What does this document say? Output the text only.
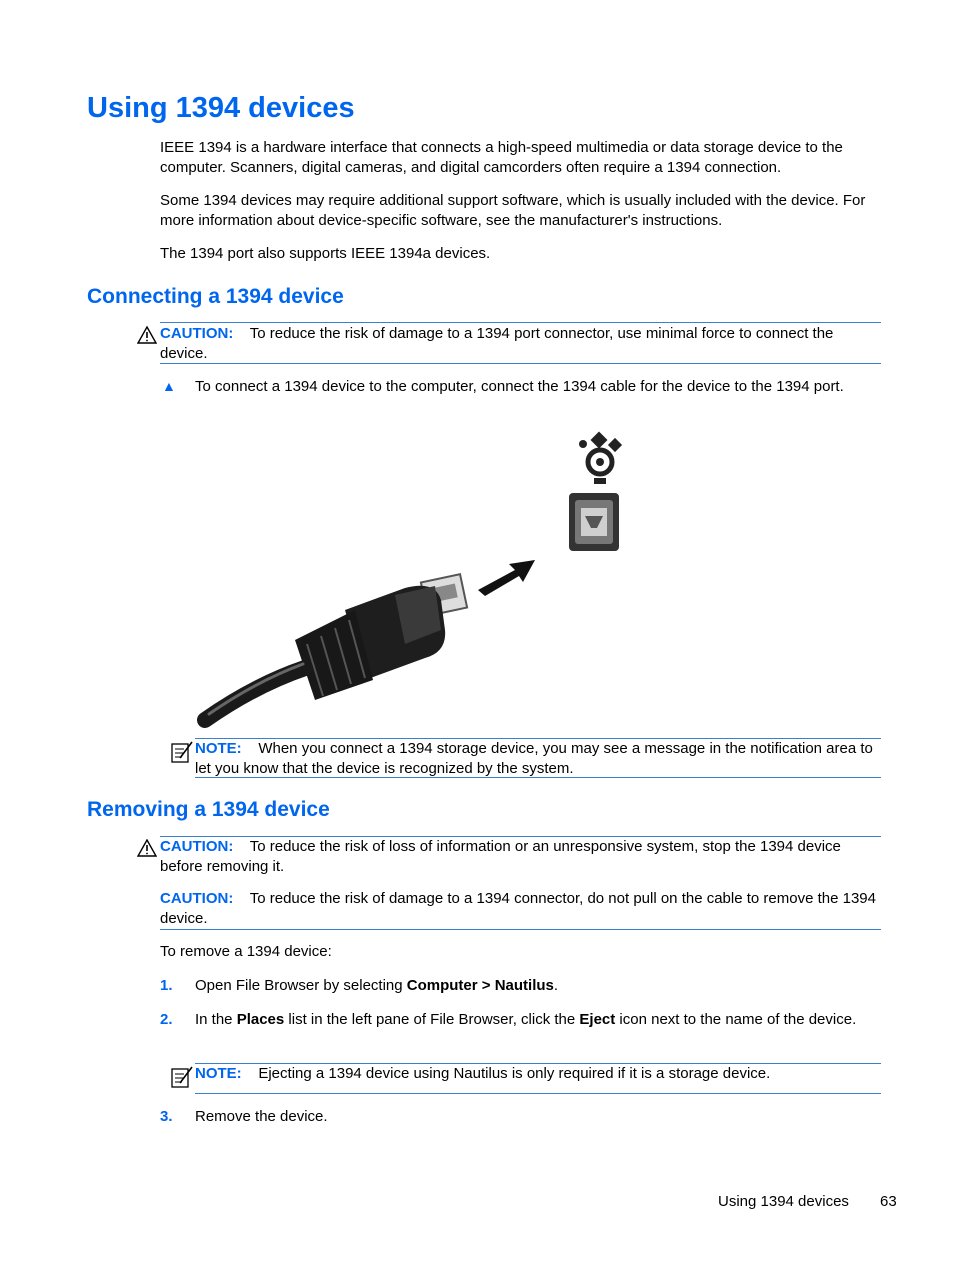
Using 1394 devices
IEEE 1394 is a hardware interface that connects a high-speed multimedia or data storage device to the computer. Scanners, digital cameras, and digital camcorders often require a 1394 connection.
Some 1394 devices may require additional support software, which is usually included with the device. For more information about device-specific software, see the manufacturer's instructions.
The 1394 port also supports IEEE 1394a devices.
Connecting a 1394 device
CAUTION: To reduce the risk of damage to a 1394 port connector, use minimal force to connect the device.
▲ To connect a 1394 device to the computer, connect the 1394 cable for the device to the 1394 port.
NOTE: When you connect a 1394 storage device, you may see a message in the notification area to let you know that the device is recognized by the system.
Removing a 1394 device
CAUTION: To reduce the risk of loss of information or an unresponsive system, stop the 1394 device before removing it.
CAUTION: To reduce the risk of damage to a 1394 connector, do not pull on the cable to remove the 1394 device.
To remove a 1394 device:
1. Open File Browser by selecting Computer > Nautilus.
2. In the Places list in the left pane of File Browser, click the Eject icon next to the name of the device.
NOTE: Ejecting a 1394 device using Nautilus is only required if it is a storage device.
3. Remove the device.
Using 1394 devices 63
